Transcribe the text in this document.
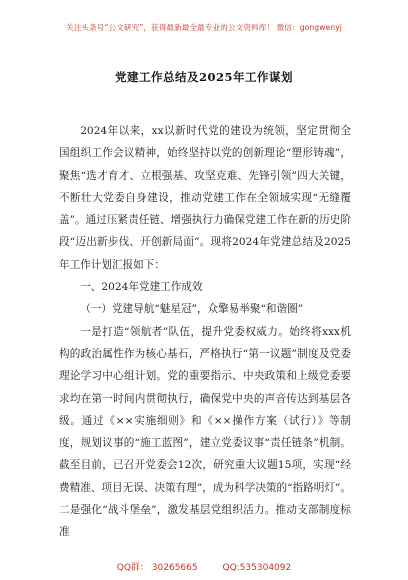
关注头条号“公文研究”，获得最新最全最专业的公文资料库！ 微信：gongwenyj
党建工作总结及2025年工作谋划

2024年以来，xx以新时代党的建设为统领，坚定贯彻全国组织工作会议精神，始终坚持以党的创新理论“塑形铸魂”，聚焦“选才育才、立根强基、攻坚克难、先锋引领”四大关键，不断壮大党委自身建设，推动党建工作在全领域实现“无缝覆盖”。通过压紧责任链、增强执行力确保党建工作在新的历史阶段“迈出新步伐、开创新局面”。现将2024年党建总结及2025年工作计划汇报如下：

一、2024年党建工作成效

（一）党建导航“魅星冠”，众擎易举聚“和谐圈”

一是打造“领航者”队伍，提升党委权威力。始终将xxx机构的政治属性作为核心基石，严格执行“第一议题”制度及党委理论学习中心组计划。党的重要指示、中央政策和上级党委要求均在第一时间内贯彻执行，确保党中央的声音传达到基层各级。通过《××实施细则》和《××操作方案（试行）》等制度，规划议事的“施工蓝图”，建立党委议事“责任链条”机制。截至目前，已召开党委会12次，研究重大议题15项，实现“经费精准、项目无误、决策有理”，成为科学决策的“指路明灯”。二是强化“战斗堡垒”，激发基层党组织活力。推动支部制度标准

QQ群： 30265665	QQ:535304092
